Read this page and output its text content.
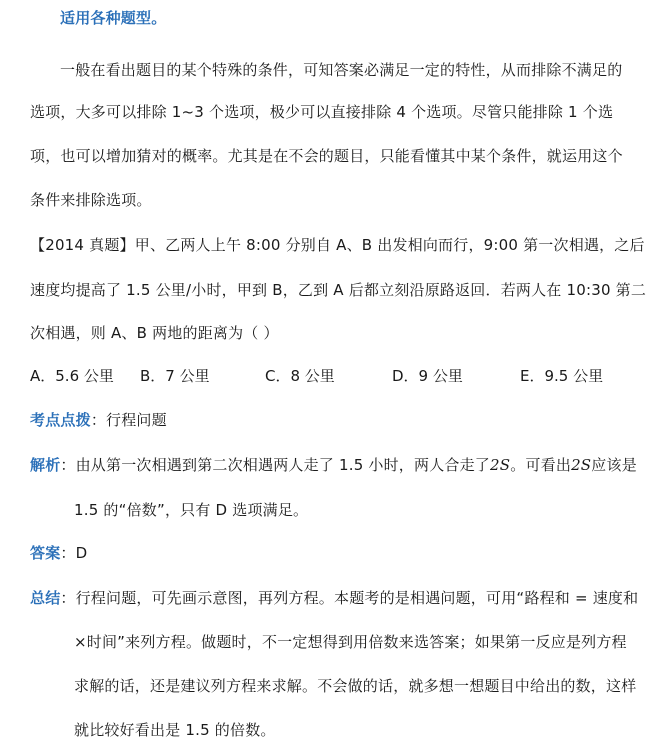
适用各种题型。
一般在看出题目的某个特殊的条件，可知答案必满足一定的特性，从而排除不满足的
选项，大多可以排除 1~3 个选项，极少可以直接排除 4 个选项。尽管只能排除 1 个选
项，也可以增加猜对的概率。尤其是在不会的题目，只能看懂其中某个条件，就运用这个
条件来排除选项。
【2014 真题】甲、乙两人上午 8:00 分别自 A、B 出发相向而行，9:00 第一次相遇，之后
速度均提高了 1.5 公里/小时，甲到 B，乙到 A 后都立刻沿原路返回．若两人在 10:30 第二
次相遇，则 A、B 两地的距离为（ ）
A．5.6 公里 B．7 公里	C．8 公里	D．9 公里	E．9.5 公里
考点点拨：行程问题
解析：由从第一次相遇到第二次相遇两人走了 1.5 小时，两人合走了2S。可看出2S应该是
1.5 的“倍数”，只有 D 选项满足。
答案：D
总结：行程问题，可先画示意图，再列方程。本题考的是相遇问题，可用“路程和 = 速度和
×时间”来列方程。做题时，不一定想得到用倍数来选答案；如果第一反应是列方程
求解的话，还是建议列方程来求解。不会做的话，就多想一想题目中给出的数，这样
就比较好看出是 1.5 的倍数。
